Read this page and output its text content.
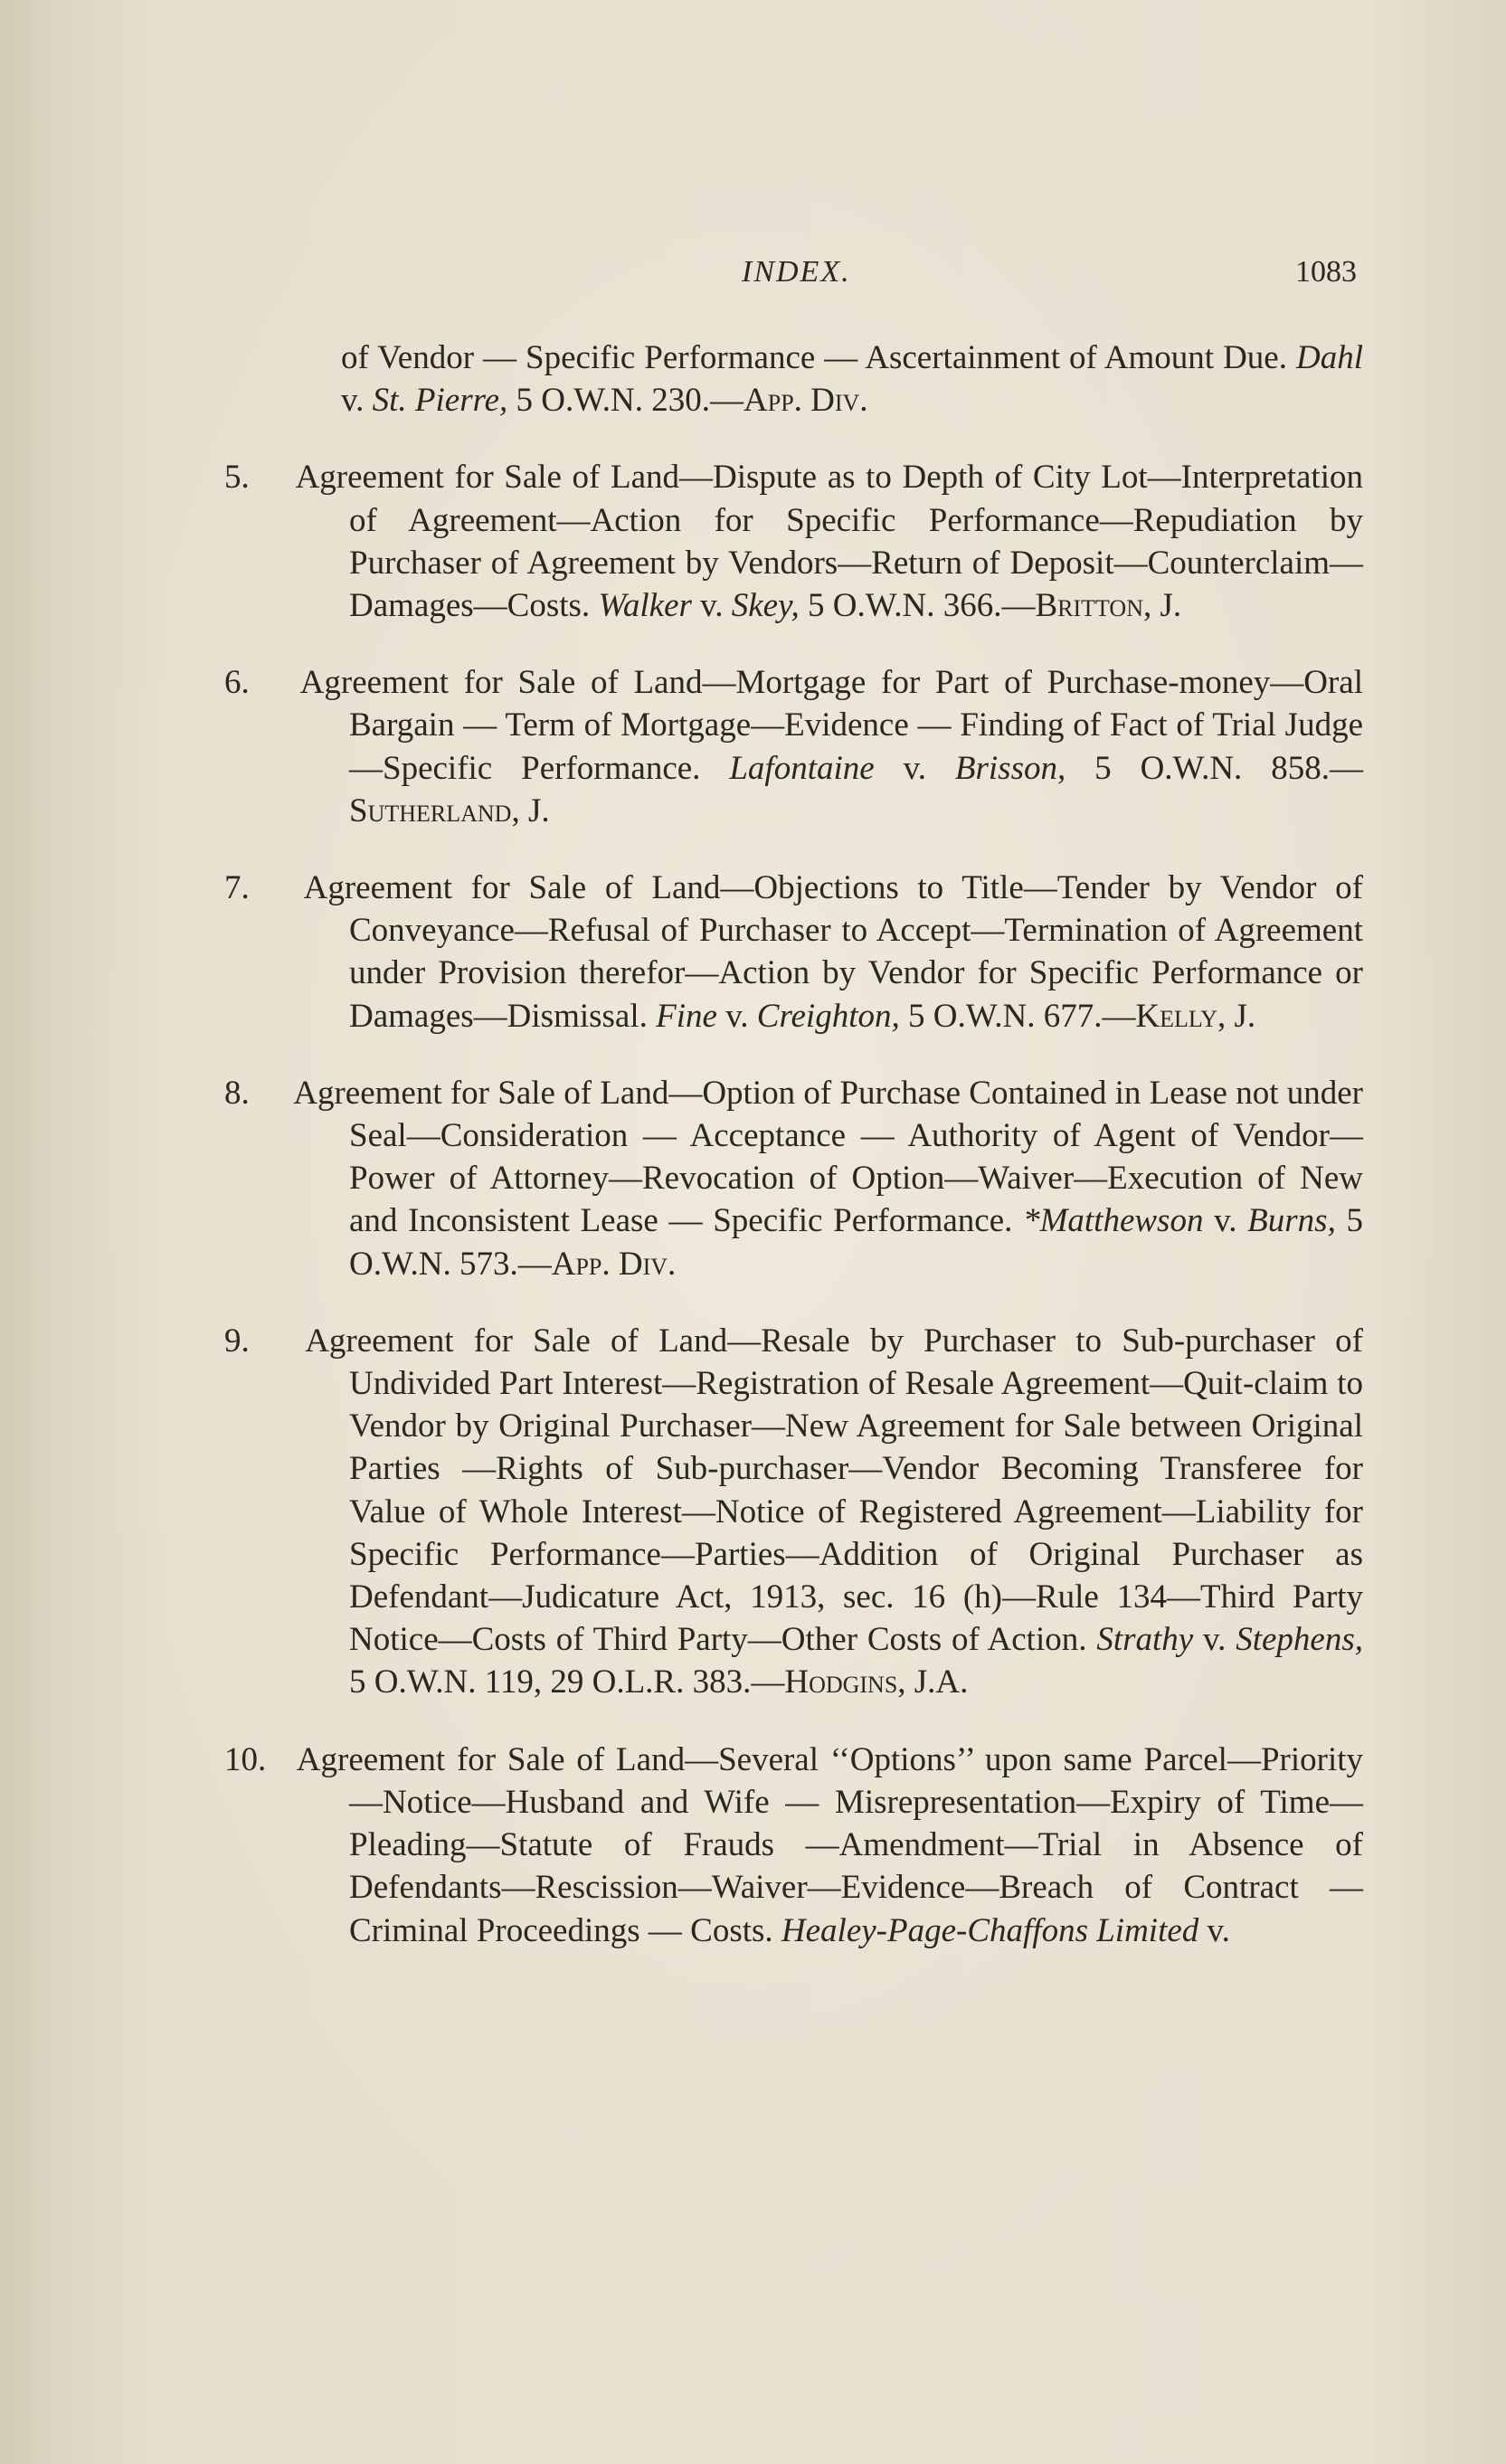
INDEX.	1083

of Vendor — Specific Performance — Ascertainment of Amount Due. Dahl v. St. Pierre, 5 O.W.N. 230.—App. Div.

5. Agreement for Sale of Land—Dispute as to Depth of City Lot—Interpretation of Agreement—Action for Specific Performance—Repudiation by Purchaser of Agreement by Vendors—Return of Deposit—Counterclaim—Damages—Costs. Walker v. Skey, 5 O.W.N. 366.—Britton, J.

6. Agreement for Sale of Land—Mortgage for Part of Purchase-money—Oral Bargain — Term of Mortgage—Evidence — Finding of Fact of Trial Judge—Specific Performance. Lafontaine v. Brisson, 5 O.W.N. 858.—Sutherland, J.

7. Agreement for Sale of Land—Objections to Title—Tender by Vendor of Conveyance—Refusal of Purchaser to Accept—Termination of Agreement under Provision therefor—Action by Vendor for Specific Performance or Damages—Dismissal. Fine v. Creighton, 5 O.W.N. 677.—Kelly, J.

8. Agreement for Sale of Land—Option of Purchase Contained in Lease not under Seal—Consideration — Acceptance — Authority of Agent of Vendor—Power of Attorney—Revocation of Option—Waiver—Execution of New and Inconsistent Lease — Specific Performance. *Matthewson v. Burns, 5 O.W.N. 573.—App. Div.

9. Agreement for Sale of Land—Resale by Purchaser to Sub-purchaser of Undivided Part Interest—Registration of Resale Agreement—Quit-claim to Vendor by Original Purchaser—New Agreement for Sale between Original Parties —Rights of Sub-purchaser—Vendor Becoming Transferee for Value of Whole Interest—Notice of Registered Agreement—Liability for Specific Performance—Parties—Addition of Original Purchaser as Defendant—Judicature Act, 1913, sec. 16 (h)—Rule 134—Third Party Notice—Costs of Third Party—Other Costs of Action. Strathy v. Stephens, 5 O.W.N. 119, 29 O.L.R. 383.—Hodgins, J.A.

10. Agreement for Sale of Land—Several ‘‘Options’’ upon same Parcel—Priority—Notice—Husband and Wife — Misrepresentation—Expiry of Time—Pleading—Statute of Frauds —Amendment—Trial in Absence of Defendants—Rescission—Waiver—Evidence—Breach of Contract — Criminal Proceedings — Costs. Healey-Page-Chaffons Limited v.
